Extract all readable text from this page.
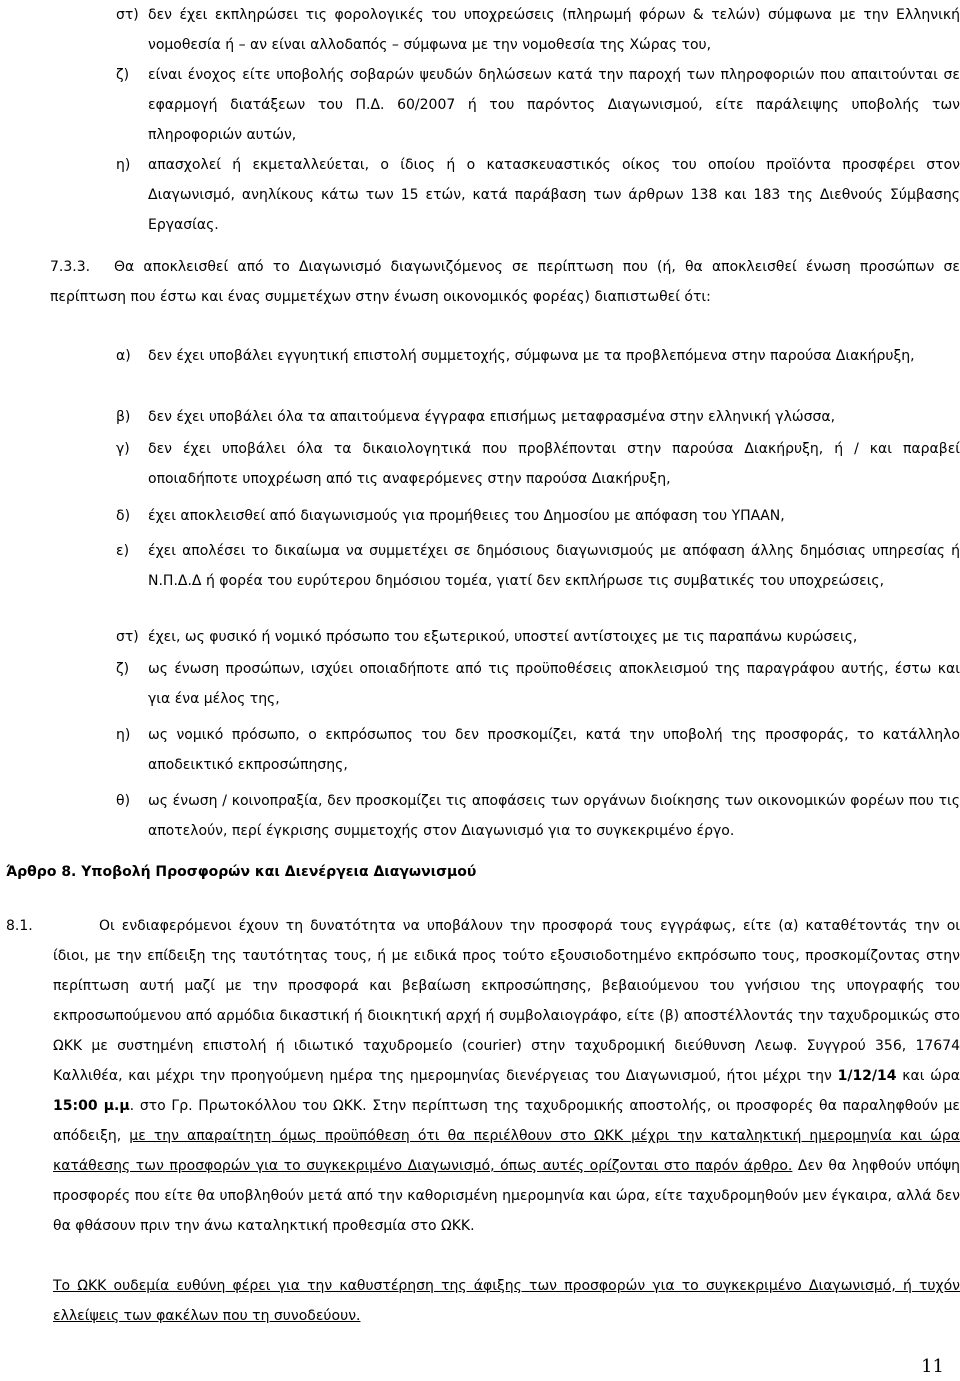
στ) δεν έχει εκπληρώσει τις φορολογικές του υποχρεώσεις (πληρωμή φόρων & τελών) σύμφωνα με την Ελληνική νομοθεσία ή – αν είναι αλλοδαπός – σύμφωνα με την νομοθεσία της Χώρας του,
ζ)	είναι ένοχος είτε υποβολής σοβαρών ψευδών δηλώσεων κατά την παροχή των πληροφοριών που απαιτούνται σε εφαρμογή διατάξεων του Π.Δ. 60/2007 ή του παρόντος Διαγωνισμού, είτε παράλειψης υποβολής των πληροφοριών αυτών,
η)	απασχολεί ή εκμεταλλεύεται, ο ίδιος ή ο κατασκευαστικός οίκος του οποίου προϊόντα προσφέρει στον Διαγωνισμό, ανηλίκους κάτω των 15 ετών, κατά παράβαση των άρθρων 138 και 183 της Διεθνούς Σύμβασης Εργασίας.
7.3.3.	Θα αποκλεισθεί από το Διαγωνισμό διαγωνιζόμενος σε περίπτωση που (ή, θα αποκλεισθεί ένωση προσώπων σε περίπτωση που έστω και ένας συμμετέχων στην ένωση οικονομικός φορέας) διαπιστωθεί ότι:
α)	δεν έχει υποβάλει εγγυητική επιστολή συμμετοχής, σύμφωνα με τα προβλεπόμενα στην παρούσα Διακήρυξη,
β)	δεν έχει υποβάλει όλα τα απαιτούμενα έγγραφα επισήμως μεταφρασμένα στην ελληνική γλώσσα,
γ)	δεν έχει υποβάλει όλα τα δικαιολογητικά που προβλέπονται στην παρούσα Διακήρυξη, ή / και παραβεί οποιαδήποτε υποχρέωση από τις αναφερόμενες στην παρούσα Διακήρυξη,
δ)	έχει αποκλεισθεί από διαγωνισμούς για προμήθειες του Δημοσίου με απόφαση του ΥΠΑΑΝ,
ε)	έχει απολέσει το δικαίωμα να συμμετέχει σε δημόσιους διαγωνισμούς με απόφαση άλλης δημόσιας υπηρεσίας ή Ν.Π.Δ.Δ ή φορέα του ευρύτερου δημόσιου τομέα, γιατί δεν εκπλήρωσε τις συμβατικές του υποχρεώσεις,
στ) έχει, ως φυσικό ή νομικό πρόσωπο του εξωτερικού, υποστεί αντίστοιχες με τις παραπάνω κυρώσεις,
ζ)	ως ένωση προσώπων, ισχύει οποιαδήποτε από τις προϋποθέσεις αποκλεισμού της παραγράφου αυτής, έστω και για ένα μέλος της,
η)	ως νομικό πρόσωπο, ο εκπρόσωπος του δεν προσκομίζει, κατά την υποβολή της προσφοράς, το κατάλληλο αποδεικτικό εκπροσώπησης,
θ)	ως ένωση / κοινοπραξία, δεν προσκομίζει τις αποφάσεις των οργάνων διοίκησης των οικονομικών φορέων που τις αποτελούν, περί έγκρισης συμμετοχής στον Διαγωνισμό για το συγκεκριμένο έργο.
Άρθρο 8. Υποβολή Προσφορών και Διενέργεια Διαγωνισμού
8.1.	Οι ενδιαφερόμενοι έχουν τη δυνατότητα να υποβάλουν την προσφορά τους εγγράφως, είτε (α) καταθέτοντάς την οι ίδιοι, με την επίδειξη της ταυτότητας τους, ή με ειδικά προς τούτο εξουσιοδοτημένο εκπρόσωπο τους, προσκομίζοντας στην περίπτωση αυτή μαζί με την προσφορά και βεβαίωση εκπροσώπησης, βεβαιούμενου του γνήσιου της υπογραφής του εκπροσωπούμενου από αρμόδια δικαστική ή διοικητική αρχή ή συμβολαιογράφο, είτε (β) αποστέλλοντάς την ταχυδρομικώς στο ΩΚΚ με συστημένη επιστολή ή ιδιωτικό ταχυδρομείο (courier) στην ταχυδρομική διεύθυνση Λεωφ. Συγγρού 356, 17674 Καλλιθέα, και μέχρι την προηγούμενη ημέρα της ημερομηνίας διενέργειας του Διαγωνισμού, ήτοι μέχρι την 1/12/14 και ώρα 15:00 μ.μ. στο Γρ. Πρωτοκόλλου του ΩΚΚ. Στην περίπτωση της ταχυδρομικής αποστολής, οι προσφορές θα παραληφθούν με απόδειξη, με την απαραίτητη όμως προϋπόθεση ότι θα περιέλθουν στο ΩΚΚ μέχρι την καταληκτική ημερομηνία και ώρα κατάθεσης των προσφορών για το συγκεκριμένο Διαγωνισμό, όπως αυτές ορίζονται στο παρόν άρθρο. Δεν θα ληφθούν υπόψη προσφορές που είτε θα υποβληθούν μετά από την καθορισμένη ημερομηνία και ώρα, είτε ταχυδρομηθούν μεν έγκαιρα, αλλά δεν θα φθάσουν πριν την άνω καταληκτική προθεσμία στο ΩΚΚ.
Το ΩΚΚ ουδεμία ευθύνη φέρει για την καθυστέρηση της άφιξης των προσφορών για το συγκεκριμένο Διαγωνισμό, ή τυχόν ελλείψεις των φακέλων που τη συνοδεύουν.
11
